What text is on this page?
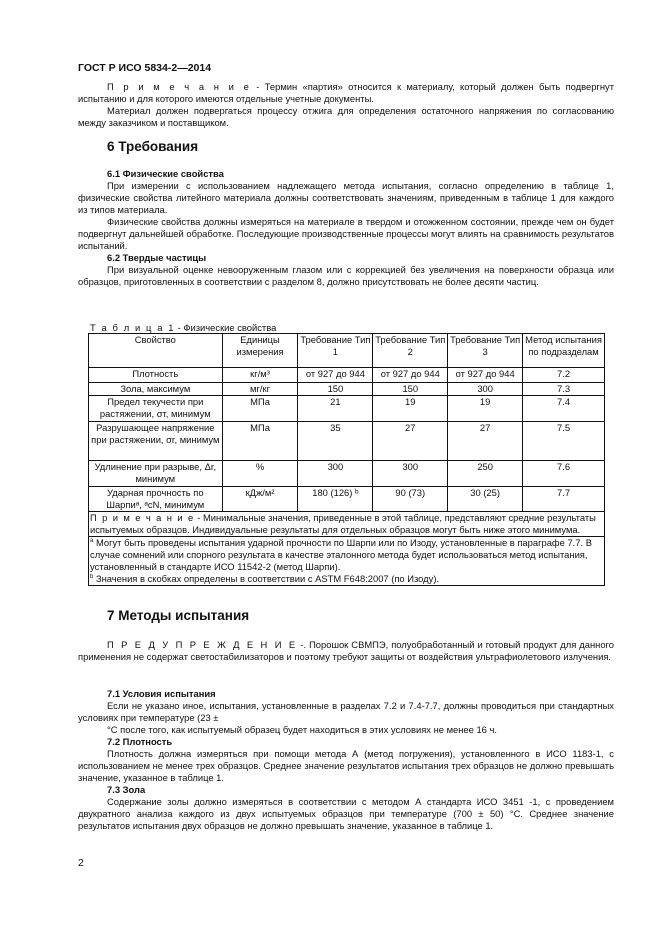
ГОСТ Р ИСО 5834-2—2014

П р и м е ч а н и е - Термин «партия» относится к материалу, который должен быть подвергнут испытанию и для которого имеются отдельные учетные документы.

Материал должен подвергаться процессу отжига для определения остаточного напряжения по согласованию между заказчиком и поставщиком.

6 Требования
6.1 Физические свойства

При измерении с использованием надлежащего метода испытания, согласно определению в таблице 1, физические свойства литейного материала должны соответствовать значениям, приведенным в таблице 1 для каждого из типов материала.

Физические свойства должны измеряться на материале в твердом и отожженном состоянии, прежде чем он будет подвергнут дальнейшей обработке. Последующие производственные процессы могут влиять на сравнимость результатов испытаний.

6.2 Твердые частицы

При визуальной оценке невооруженным глазом или с коррекцией без увеличения на поверхности образца или образцов, приготовленных в соответствии с разделом 8, должно присутствовать не более десяти частиц.

Т а б л и ц а 1 - Физические свойства
Свойство	Единицы измерения	Требование Тип 1	Требование Тип 2	Требование Тип 3	Метод испытания по подразделам
Плотность	кг/м³	от 927 до 944	от 927 до 944	от 927 до 944	7.2
Зола, максимум	мг/кг	150	150	300	7.3
Предел текучести при растяжении, σт, минимум	МПа	21	19	19	7.4
Разрушающее напряжение при растяжении, σr, минимум	МПа	35	27	27	7.5
Удлинение при разрыве, Δr, минимум	%	300	300	250	7.6
Ударная прочность по Шарпиᵃ, ᵃcN, минимум	кДж/м²	180 (126) ᵇ	90 (73)	30 (25)	7.7
П р и м е ч а н и е - Минимальные значения, приведенные в этой таблице, представляют средние результаты испытуемых образцов. Индивидуальные результаты для отдельных образцов могут быть ниже этого минимума.					

$^a$ Могут быть проведены испытания ударной прочности по Шарпи или по Изоду, установленные в параграфе 7.7. В случае сомнений или спорного результата в качестве эталонного метода будет использоваться метод испытания, установленный в стандарте ИСО 11542-2 (метод Шарпи).
$^b$ Значения в скобках определены в соответствии с ASTM F648:2007 (по Изоду).					
7 Методы испытания

П Р Е Д У П Р Е Ж Д Е Н И Е -. Порошок СВМПЭ, полуобработанный и готовый продукт для данного применения не содержат светостабилизаторов и поэтому требуют защиты от воздействия ультрафиолетового излучения.

7.1 Условия испытания

Если не указано иное, испытания, установленные в разделах 7.2 и 7.4-7.7, должны проводиться при стандартных условиях при температуре (23 ±

°С после того, как испытуемый образец будет находиться в этих условиях не менее 16 ч.

7.2 Плотность

Плотность должна измеряться при помощи метода А (метод погружения), установленного в ИСО 1183-1, с использованием не менее трех образцов. Среднее значение результатов испытания трех образцов не должно превышать значение, указанное в таблице 1.

7.3 Зола

Содержание золы должно измеряться в соответствии с методом А стандарта ИСО 3451 -1, с проведением двукратного анализа каждого из двух испытуемых образцов при температуре (700 ± 50) °С. Среднее значение результатов испытания двух образцов не должно превышать значение, указанное в таблице 1.

2
